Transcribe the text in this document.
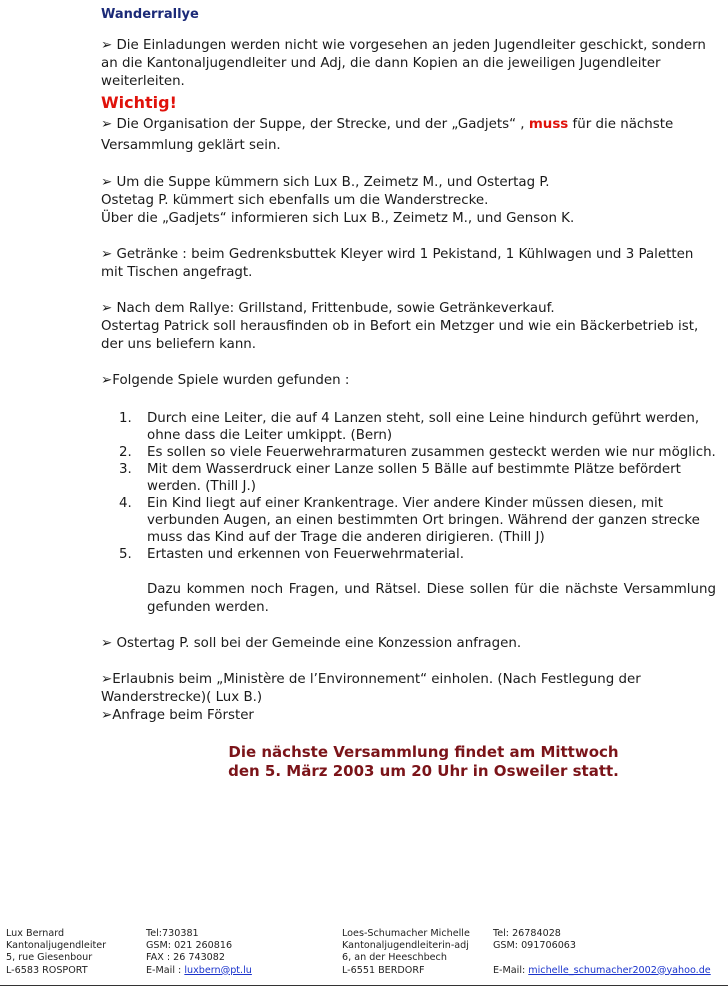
Wanderrallye

➢ Die Einladungen werden nicht wie vorgesehen an jeden Jugendleiter geschickt, sondern an die Kantonaljugendleiter und Adj, die dann Kopien an die jeweiligen Jugendleiter weiterleiten.

Wichtig!

➢ Die Organisation der Suppe, der Strecke, und der „Gadjets“ , muss für die nächste Versammlung geklärt sein.

➢ Um die Suppe kümmern sich Lux B., Zeimetz M., und Ostertag P.

Ostetag P. kümmert sich ebenfalls um die Wanderstrecke.

Über die „Gadjets“ informieren sich Lux B., Zeimetz M., und Genson K.

➢ Getränke : beim Gedrenksbuttek Kleyer wird 1 Pekistand, 1 Kühlwagen und 3 Paletten mit Tischen angefragt.

➢ Nach dem Rallye: Grillstand, Frittenbude, sowie Getränkeverkauf.

Ostertag Patrick soll herausfinden ob in Befort ein Metzger und wie ein Bäckerbetrieb ist, der uns beliefern kann.

➢Folgende Spiele wurden gefunden :

1. Durch eine Leiter, die auf 4 Lanzen steht, soll eine Leine hindurch geführt werden, ohne dass die Leiter umkippt. (Bern)
2. Es sollen so viele Feuerwehrarmaturen zusammen gesteckt werden wie nur möglich.
3. Mit dem Wasserdruck einer Lanze sollen 5 Bälle auf bestimmte Plätze befördert werden. (Thill J.)
4. Ein Kind liegt auf einer Krankentrage. Vier andere Kinder müssen diesen, mit verbunden Augen, an einen bestimmten Ort bringen. Während der ganzen strecke muss das Kind auf der Trage die anderen dirigieren. (Thill J)
5. Ertasten und erkennen von Feuerwehrmaterial.

Dazu kommen noch Fragen, und Rätsel. Diese sollen für die nächste Versammlung gefunden werden.

➢ Ostertag P. soll bei der Gemeinde eine Konzession anfragen.

➢Erlaubnis beim „Ministère de l’Environnement“ einholen. (Nach Festlegung der Wanderstrecke)( Lux B.)

➢Anfrage beim Förster

Die nächste Versammlung findet am Mittwoch
den 5. März 2003 um 20 Uhr in Osweiler statt.
Lux Bernard
Kantonaljugendleiter
5, rue Giesenbour
L-6583 ROSPORT
Tel:730381
GSM: 021 260816
FAX : 26 743082
E-Mail : luxbern@pt.lu
Loes-Schumacher Michelle
Kantonaljugendleiterin-adj
6, an der Heeschbech
L-6551 BERDORF
Tel: 26784028
GSM: 091706063
E-Mail: michelle_schumacher2002@yahoo.de
